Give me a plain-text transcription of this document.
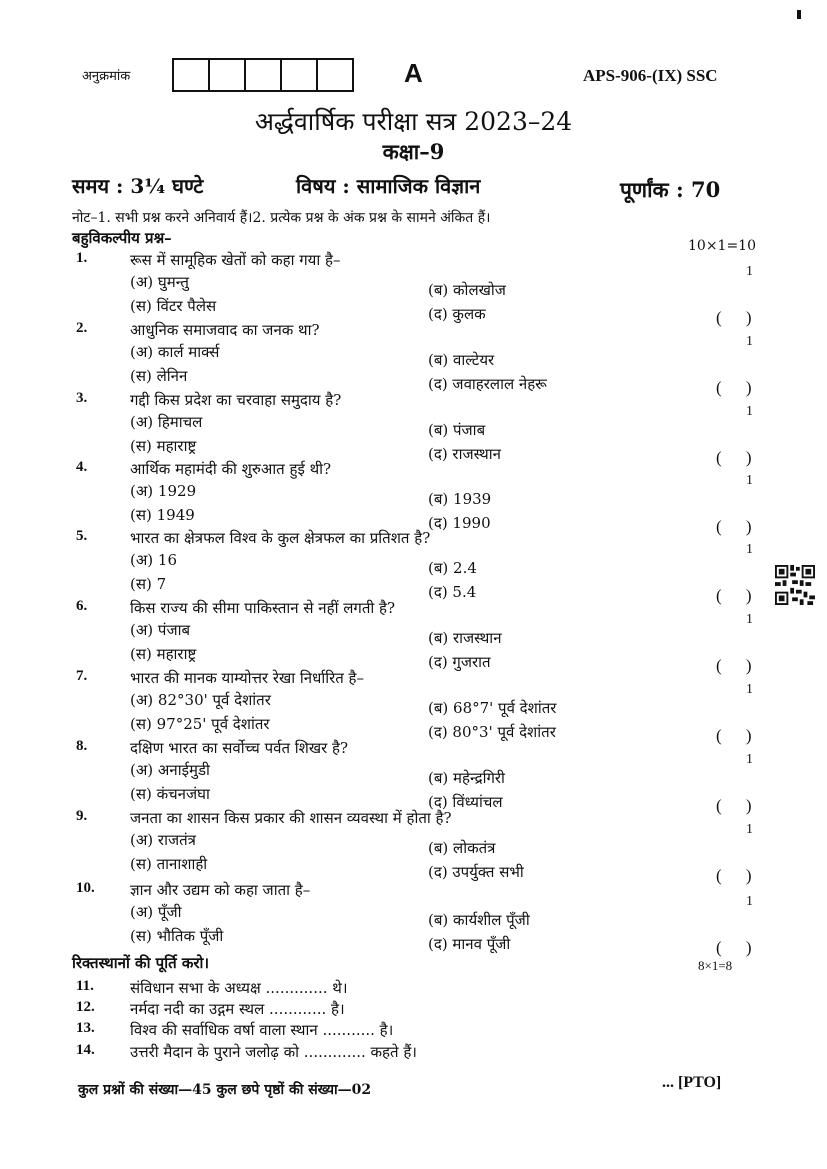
अनुक्रमांक	A	APS-906-(IX) SSC
अर्द्धवार्षिक परीक्षा सत्र 2023–24
कक्षा–9
समय : 3¼ घण्टे	विषय : सामाजिक विज्ञान	पूर्णांक : 70
नोट–1. सभी प्रश्न करने अनिवार्य हैं।2. प्रत्येक प्रश्न के अंक प्रश्न के सामने अंकित हैं।
बहुविकल्पीय प्रश्न–	10×1=10
1.	रूस में सामूहिक खेतों को कहा गया है–
1
(अ) घुमन्तु	(ब) कोलखोज
(स) विंटर पैलेस	(द) कुलक	( )
2.	आधुनिक समाजवाद का जनक था?
1
(अ) कार्ल मार्क्स	(ब) वाल्टेयर
(स) लेनिन	(द) जवाहरलाल नेहरू	( )
3.	गद्दी किस प्रदेश का चरवाहा समुदाय है?
1
(अ) हिमाचल	(ब) पंजाब
(स) महाराष्ट्र	(द) राजस्थान	( )
4.	आर्थिक महामंदी की शुरुआत हुई थी?
1
(अ) 1929	(ब) 1939
(स) 1949	(द) 1990	( )
5.	भारत का क्षेत्रफल विश्व के कुल क्षेत्रफल का प्रतिशत है?
1
(अ) 16	(ब) 2.4
(स) 7	(द) 5.4	( )
6.	किस राज्य की सीमा पाकिस्तान से नहीं लगती है?
1
(अ) पंजाब	(ब) राजस्थान
(स) महाराष्ट्र	(द) गुजरात	( )
7.	भारत की मानक याम्योत्तर रेखा निर्धारित है–
1
(अ) 82°30' पूर्व देशांतर	(ब) 68°7' पूर्व देशांतर
(स) 97°25' पूर्व देशांतर	(द) 80°3' पूर्व देशांतर	( )
8.	दक्षिण भारत का सर्वोच्च पर्वत शिखर है?
1
(अ) अनाईमुडी	(ब) महेन्द्रगिरी
(स) कंचनजंघा	(द) विंध्यांचल	( )
9.	जनता का शासन किस प्रकार की शासन व्यवस्था में होता है?
1
(अ) राजतंत्र	(ब) लोकतंत्र
(स) तानाशाही	(द) उपर्युक्त सभी	( )
10. ज्ञान और उद्यम को कहा जाता है–
1
(अ) पूँजी	(ब) कार्यशील पूँजी
(स) भौतिक पूँजी	(द) मानव पूँजी	( )
रिक्तस्थानों की पूर्ति करो।	8×1=8
11. संविधान सभा के अध्यक्ष ............. थे।
12. नर्मदा नदी का उद्गम स्थल ............ है।
13. विश्व की सर्वाधिक वर्षा वाला स्थान ........... है।
14. उत्तरी मैदान के पुराने जलोढ़ को ............. कहते हैं।
कुल प्रश्नों की संख्या—45 कुल छपे पृष्ठों की संख्या—02	... [PTO]
